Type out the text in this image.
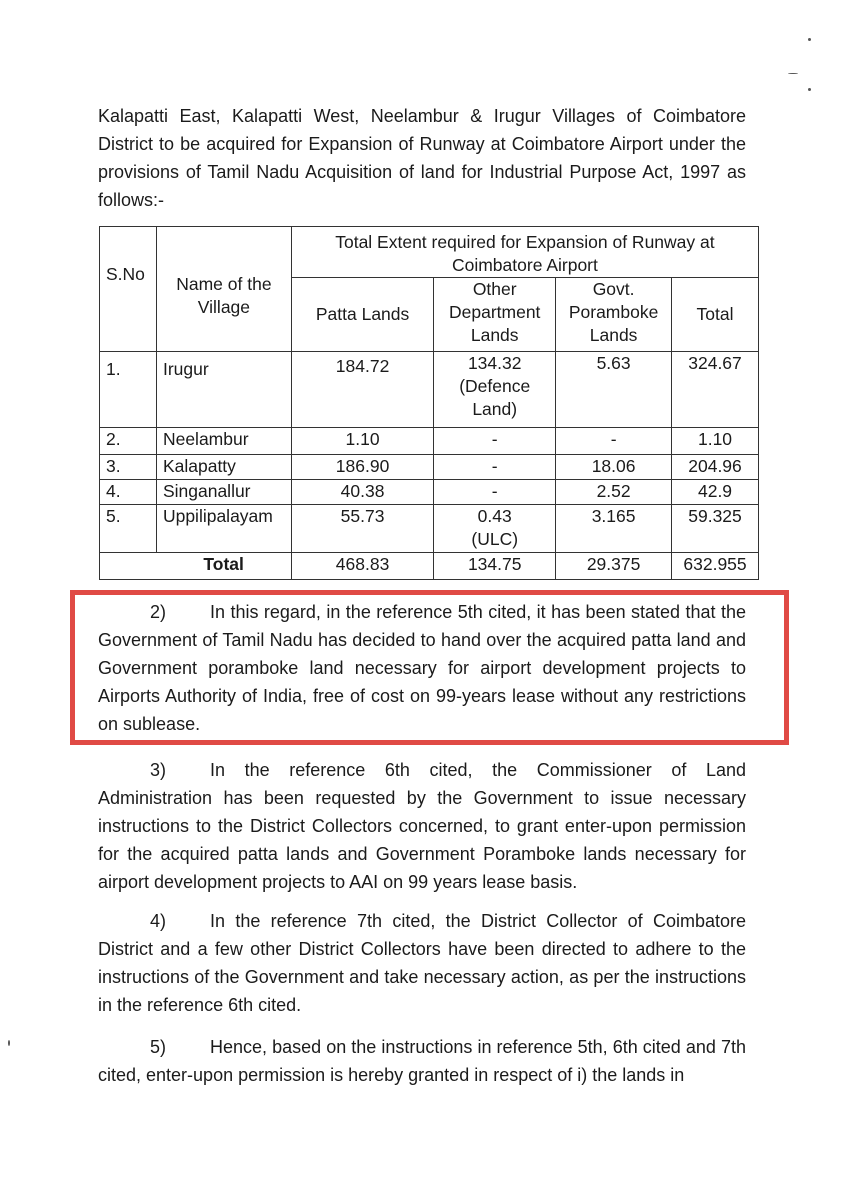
Kalapatti East, Kalapatti West, Neelambur & Irugur Villages of Coimbatore District to be acquired for Expansion of Runway at Coimbatore Airport under the provisions of Tamil Nadu Acquisition of land for Industrial Purpose Act, 1997 as follows:-

S.No	Name of the Village	Total Extent required for Expansion of Runway at Coimbatore Airport			
		Patta Lands	Other Department Lands	Govt. Poramboke Lands	Total
1.	Irugur	184.72	134.32 (Defence Land)	5.63	324.67
2.	Neelambur	1.10	-	-	1.10
3.	Kalapatty	186.90	-	18.06	204.96
4.	Singanallur	40.38	-	2.52	42.9
5.	Uppilipalayam	55.73	0.43 (ULC)	3.165	59.325
	Total	468.83	134.75	29.375	632.955

2) In this regard, in the reference 5th cited, it has been stated that the Government of Tamil Nadu has decided to hand over the acquired patta land and Government poramboke land necessary for airport development projects to Airports Authority of India, free of cost on 99-years lease without any restrictions on sublease.

3) In the reference 6th cited, the Commissioner of Land Administration has been requested by the Government to issue necessary instructions to the District Collectors concerned, to grant enter-upon permission for the acquired patta lands and Government Poramboke lands necessary for airport development projects to AAI on 99 years lease basis.

4) In the reference 7th cited, the District Collector of Coimbatore District and a few other District Collectors have been directed to adhere to the instructions of the Government and take necessary action, as per the instructions in the reference 6th cited.

5) Hence, based on the instructions in reference 5th, 6th cited and 7th cited, enter-upon permission is hereby granted in respect of i) the lands in
